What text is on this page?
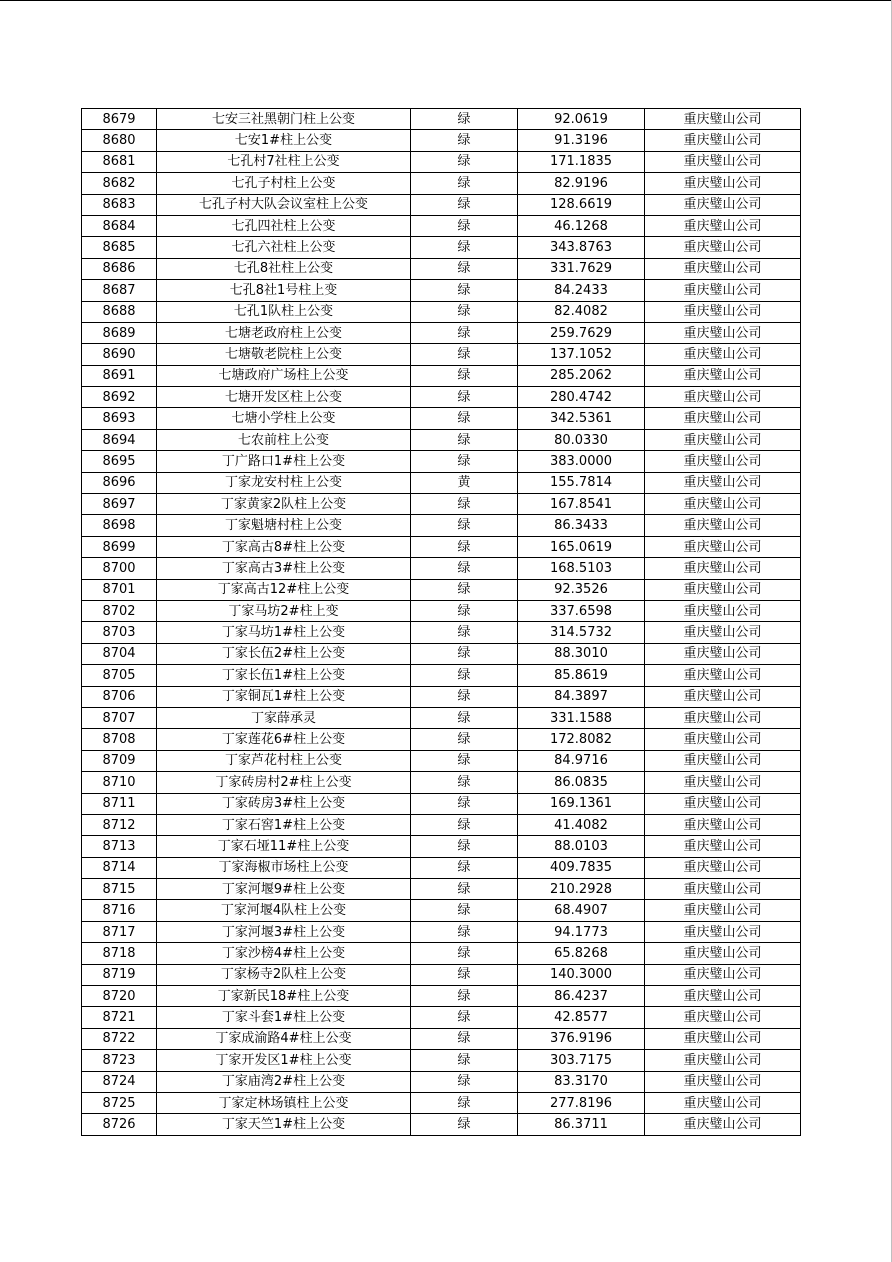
8679	七安三社黑朝门柱上公变	绿	92.0619	重庆璧山公司
8680	七安1#柱上公变	绿	91.3196	重庆璧山公司
8681	七孔村7社柱上公变	绿	171.1835	重庆璧山公司
8682	七孔子村柱上公变	绿	82.9196	重庆璧山公司
8683	七孔子村大队会议室柱上公变	绿	128.6619	重庆璧山公司
8684	七孔四社柱上公变	绿	46.1268	重庆璧山公司
8685	七孔六社柱上公变	绿	343.8763	重庆璧山公司
8686	七孔8社柱上公变	绿	331.7629	重庆璧山公司
8687	七孔8社1号柱上变	绿	84.2433	重庆璧山公司
8688	七孔1队柱上公变	绿	82.4082	重庆璧山公司
8689	七塘老政府柱上公变	绿	259.7629	重庆璧山公司
8690	七塘敬老院柱上公变	绿	137.1052	重庆璧山公司
8691	七塘政府广场柱上公变	绿	285.2062	重庆璧山公司
8692	七塘开发区柱上公变	绿	280.4742	重庆璧山公司
8693	七塘小学柱上公变	绿	342.5361	重庆璧山公司
8694	七农前柱上公变	绿	80.0330	重庆璧山公司
8695	丁广路口1#柱上公变	绿	383.0000	重庆璧山公司
8696	丁家龙安村柱上公变	黄	155.7814	重庆璧山公司
8697	丁家黄家2队柱上公变	绿	167.8541	重庆璧山公司
8698	丁家魁塘村柱上公变	绿	86.3433	重庆璧山公司
8699	丁家高古8#柱上公变	绿	165.0619	重庆璧山公司
8700	丁家高古3#柱上公变	绿	168.5103	重庆璧山公司
8701	丁家高古12#柱上公变	绿	92.3526	重庆璧山公司
8702	丁家马坊2#柱上变	绿	337.6598	重庆璧山公司
8703	丁家马坊1#柱上公变	绿	314.5732	重庆璧山公司
8704	丁家长伍2#柱上公变	绿	88.3010	重庆璧山公司
8705	丁家长伍1#柱上公变	绿	85.8619	重庆璧山公司
8706	丁家铜瓦1#柱上公变	绿	84.3897	重庆璧山公司
8707	丁家薛承灵	绿	331.1588	重庆璧山公司
8708	丁家莲花6#柱上公变	绿	172.8082	重庆璧山公司
8709	丁家芦花村柱上公变	绿	84.9716	重庆璧山公司
8710	丁家砖房村2#柱上公变	绿	86.0835	重庆璧山公司
8711	丁家砖房3#柱上公变	绿	169.1361	重庆璧山公司
8712	丁家石窖1#柱上公变	绿	41.4082	重庆璧山公司
8713	丁家石垭11#柱上公变	绿	88.0103	重庆璧山公司
8714	丁家海椒市场柱上公变	绿	409.7835	重庆璧山公司
8715	丁家河堰9#柱上公变	绿	210.2928	重庆璧山公司
8716	丁家河堰4队柱上公变	绿	68.4907	重庆璧山公司
8717	丁家河堰3#柱上公变	绿	94.1773	重庆璧山公司
8718	丁家沙榜4#柱上公变	绿	65.8268	重庆璧山公司
8719	丁家杨寺2队柱上公变	绿	140.3000	重庆璧山公司
8720	丁家新民18#柱上公变	绿	86.4237	重庆璧山公司
8721	丁家斗套1#柱上公变	绿	42.8577	重庆璧山公司
8722	丁家成渝路4#柱上公变	绿	376.9196	重庆璧山公司
8723	丁家开发区1#柱上公变	绿	303.7175	重庆璧山公司
8724	丁家庙湾2#柱上公变	绿	83.3170	重庆璧山公司
8725	丁家定林场镇柱上公变	绿	277.8196	重庆璧山公司
8726	丁家天竺1#柱上公变	绿	86.3711	重庆璧山公司
